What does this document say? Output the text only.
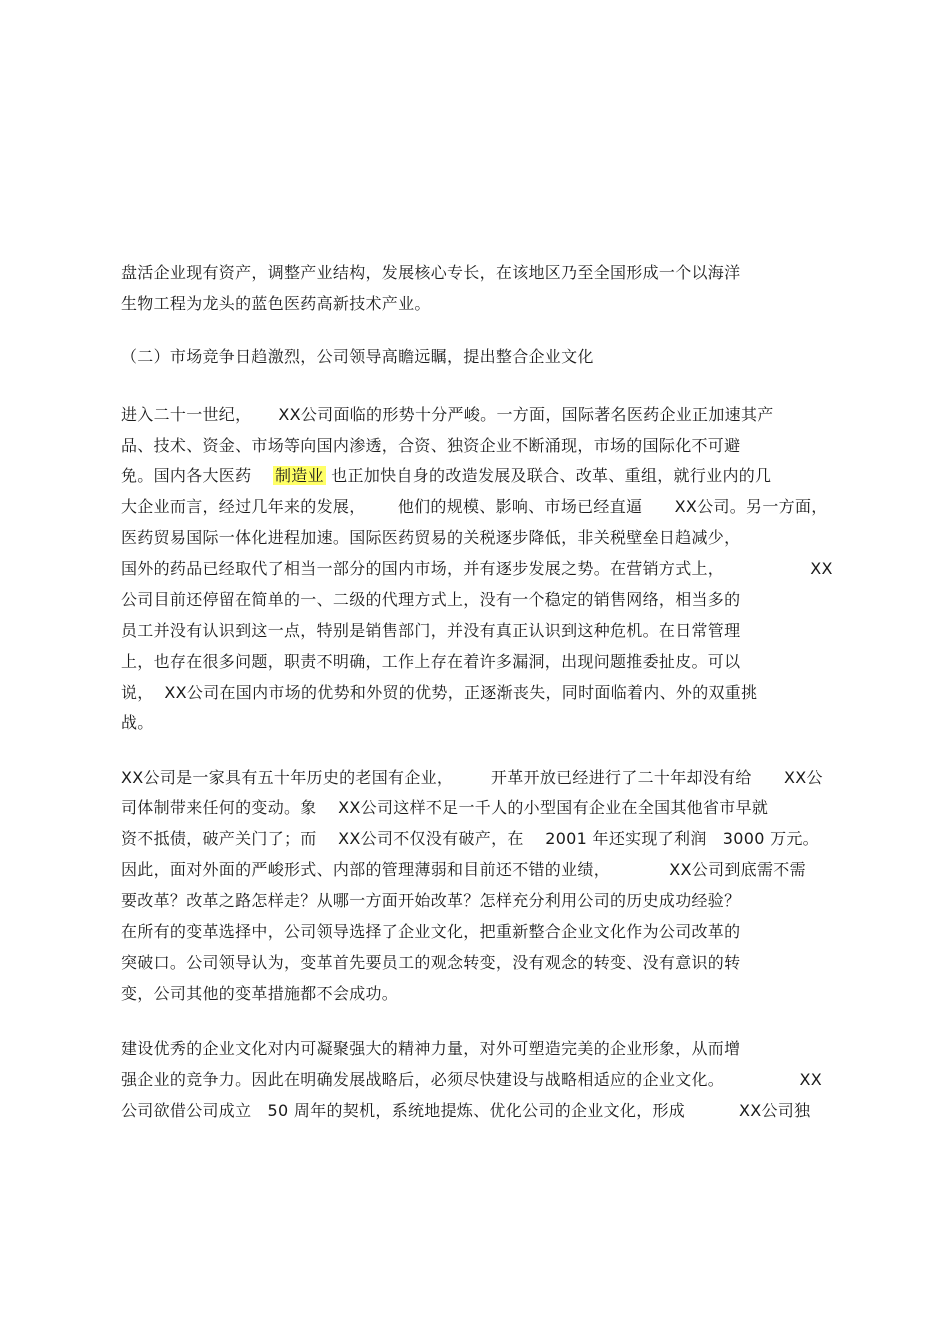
盘活企业现有资产，调整产业结构，发展核心专长，在该地区乃至全国形成一个以海洋
生物工程为龙头的蓝色医药高新技术产业。
（二）市场竞争日趋激烈，公司领导高瞻远瞩，提出整合企业文化
进入二十一世纪，     XX公司面临的形势十分严峻。一方面，国际著名医药企业正加速其产
品、技术、资金、市场等向国内渗透，合资、独资企业不断涌现，市场的国际化不可避
免。国内各大医药    制造业 也正加快自身的改造发展及联合、改革、重组，就行业内的几
大企业而言，经过几年来的发展，      他们的规模、影响、市场已经直逼      XX公司。另一方面，
医药贸易国际一体化进程加速。国际医药贸易的关税逐步降低，非关税壁垒日趋减少，
国外的药品已经取代了相当一部分的国内市场，并有逐步发展之势。在营销方式上，                XX
公司目前还停留在简单的一、二级的代理方式上，没有一个稳定的销售网络，相当多的
员工并没有认识到这一点，特别是销售部门，并没有真正认识到这种危机。在日常管理
上，也存在很多问题，职责不明确，工作上存在着许多漏洞，出现问题推委扯皮。可以
说，  XX公司在国内市场的优势和外贸的优势，正逐渐丧失，同时面临着内、外的双重挑
战。
XX公司是一家具有五十年历史的老国有企业，       开革开放已经进行了二十年却没有给      XX公
司体制带来任何的变动。象    XX公司这样不足一千人的小型国有企业在全国其他省市早就
资不抵债，破产关门了；而    XX公司不仅没有破产，在    2001 年还实现了利润   3000 万元。
因此，面对外面的严峻形式、内部的管理薄弱和目前还不错的业绩，           XX公司到底需不需
要改革？改革之路怎样走？从哪一方面开始改革？怎样充分利用公司的历史成功经验？
在所有的变革选择中，公司领导选择了企业文化，把重新整合企业文化作为公司改革的
突破口。公司领导认为，变革首先要员工的观念转变，没有观念的转变、没有意识的转
变，公司其他的变革措施都不会成功。
建设优秀的企业文化对内可凝聚强大的精神力量，对外可塑造完美的企业形象，从而增
强企业的竞争力。因此在明确发展战略后，必须尽快建设与战略相适应的企业文化。              XX
公司欲借公司成立   50 周年的契机，系统地提炼、优化公司的企业文化，形成          XX公司独
